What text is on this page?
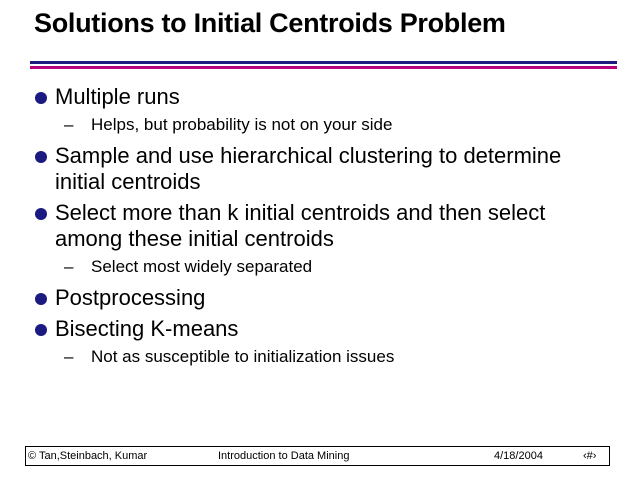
Solutions to Initial Centroids Problem
Multiple runs
– Helps, but probability is not on your side
Sample and use hierarchical clustering to determine initial centroids
Select more than k initial centroids and then select among these initial centroids
– Select most widely separated
Postprocessing
Bisecting K-means
– Not as susceptible to initialization issues
© Tan,Steinbach, Kumar	Introduction to Data Mining	4/18/2004	‹#›
